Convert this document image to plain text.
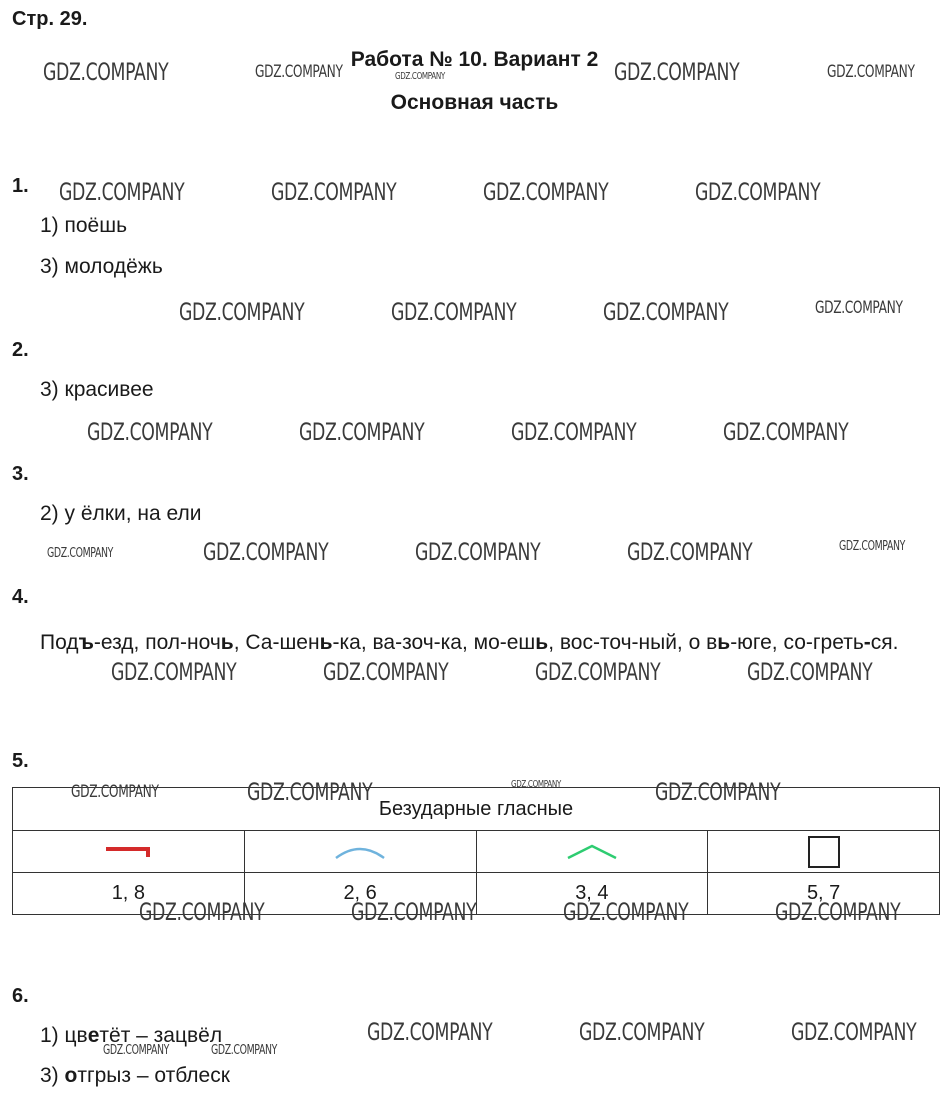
Стр. 29.
Работа № 10. Вариант 2
Основная часть
1.
1) поёшь
3) молодёжь
2.
3) красивее
3.
2) у ёлки, на ели
4.
Подъ-езд, пол-ночь, Са-шень-ка, ва-зоч-ка, мо-ешь, вос-точ-ный, о вь-юге, со-греть-ся.
5.
Безударные гласные			

1, 8	2, 6	3, 4	5, 7
6.
1) цветёт – зацвёл
3) отгрыз – отблеск
GDZ.COMPANY	GDZ.COMPANY	GDZ.COMPANY	GDZ.COMPANY	GDZ.COMPANY
GDZ.COMPANY	GDZ.COMPANY	GDZ.COMPANY	GDZ.COMPANY
GDZ.COMPANY	GDZ.COMPANY	GDZ.COMPANY	GDZ.COMPANY
GDZ.COMPANY	GDZ.COMPANY	GDZ.COMPANY	GDZ.COMPANY
GDZ.COMPANY	GDZ.COMPANY	GDZ.COMPANY	GDZ.COMPANY	GDZ.COMPANY
GDZ.COMPANY	GDZ.COMPANY	GDZ.COMPANY	GDZ.COMPANY
GDZ.COMPANY	GDZ.COMPANY	GDZ.COMPANY	GDZ.COMPANY
GDZ.COMPANY	GDZ.COMPANY	GDZ.COMPANY	GDZ.COMPANY
GDZ.COMPANY	GDZ.COMPANY	GDZ.COMPANY
GDZ.COMPANY	GDZ.COMPANY
